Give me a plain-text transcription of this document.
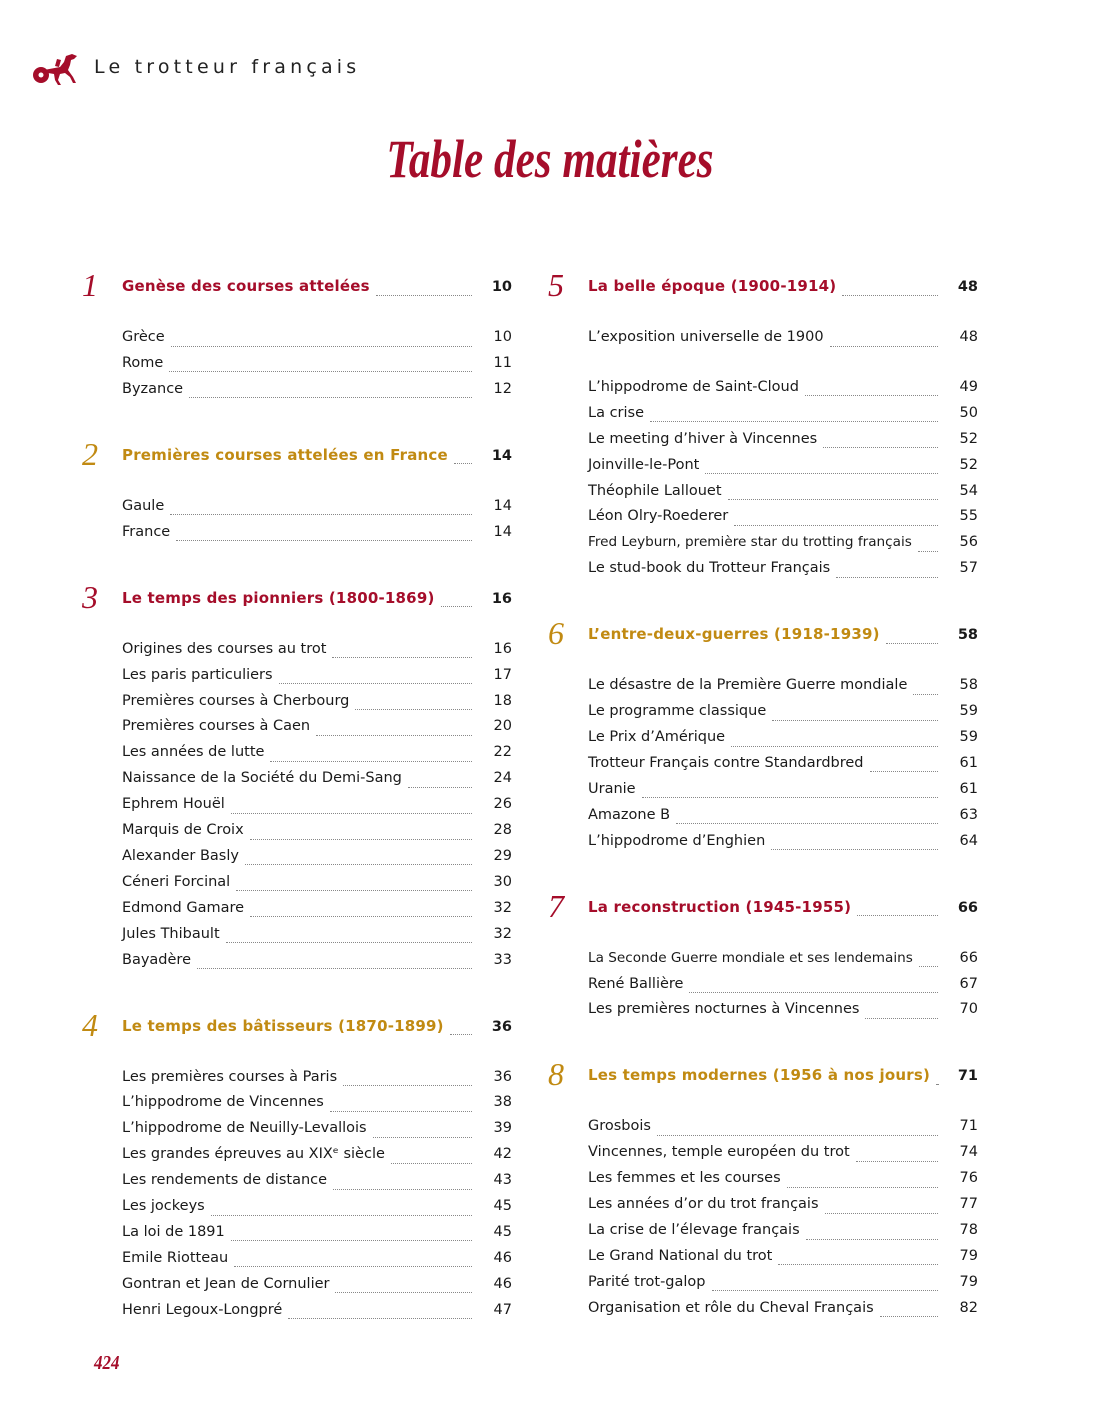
Le trotteur français
Table des matières
1	Genèse des courses attelées	10
Grèce	10
Rome	11
Byzance	12
2	Premières courses attelées en France	14
Gaule	14
France	14
3	Le temps des pionniers (1800-1869)	16
Origines des courses au trot	16
Les paris particuliers	17
Premières courses à Cherbourg	18
Premières courses à Caen	20
Les années de lutte	22
Naissance de la Société du Demi-Sang	24
Ephrem Houël	26
Marquis de Croix	28
Alexander Basly	29
Céneri Forcinal	30
Edmond Gamare	32
Jules Thibault	32
Bayadère	33
4	Le temps des bâtisseurs (1870-1899)	36
Les premières courses à Paris	36
L’hippodrome de Vincennes	38
L’hippodrome de Neuilly-Levallois	39
Les grandes épreuves au XIXᵉ siècle	42
Les rendements de distance	43
Les jockeys	45
La loi de 1891	45
Emile Riotteau	46
Gontran et Jean de Cornulier	46
Henri Legoux-Longpré	47
5	La belle époque (1900-1914)	48
L’exposition universelle de 1900	48
L’hippodrome de Saint-Cloud	49
La crise	50
Le meeting d’hiver à Vincennes	52
Joinville-le-Pont	52
Théophile Lallouet	54
Léon Olry-Roederer	55
Fred Leyburn, première star du trotting français	56
Le stud-book du Trotteur Français	57
6	L’entre-deux-guerres (1918-1939)	58
Le désastre de la Première Guerre mondiale	58
Le programme classique	59
Le Prix d’Amérique	59
Trotteur Français contre Standardbred	61
Uranie	61
Amazone B	63
L’hippodrome d’Enghien	64
7	La reconstruction (1945-1955)	66
La Seconde Guerre mondiale et ses lendemains	66
René Ballière	67
Les premières nocturnes à Vincennes	70
8	Les temps modernes (1956 à nos jours)	71
Grosbois	71
Vincennes, temple européen du trot	74
Les femmes et les courses	76
Les années d’or du trot français	77
La crise de l’élevage français	78
Le Grand National du trot	79
Parité trot-galop	79
Organisation et rôle du Cheval Français	82
424
